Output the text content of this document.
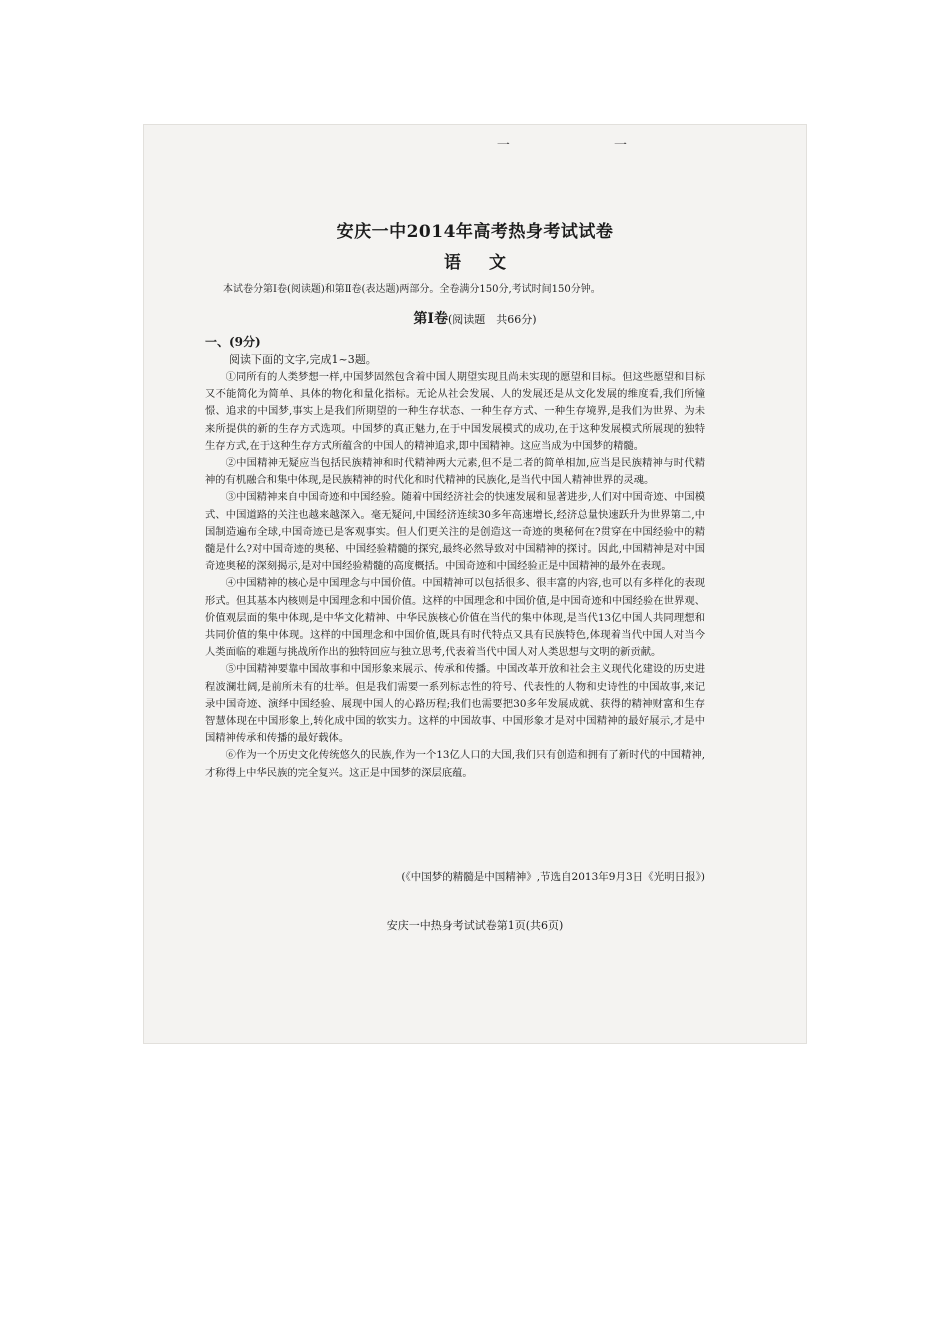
一 一
安庆一中2014年高考热身考试试卷
语文
本试卷分第Ⅰ卷(阅读题)和第Ⅱ卷(表达题)两部分。全卷满分150分,考试时间150分钟。
第Ⅰ卷(阅读题　共66分)
一、(9分)
阅读下面的文字,完成1~3题。

①同所有的人类梦想一样,中国梦固然包含着中国人期望实现且尚未实现的愿望和目标。但这些愿望和目标又不能简化为简单、具体的物化和量化指标。无论从社会发展、人的发展还是从文化发展的维度看,我们所憧憬、追求的中国梦,事实上是我们所期望的一种生存状态、一种生存方式、一种生存境界,是我们为世界、为未来所提供的新的生存方式选项。中国梦的真正魅力,在于中国发展模式的成功,在于这种发展模式所展现的独特生存方式,在于这种生存方式所蕴含的中国人的精神追求,即中国精神。这应当成为中国梦的精髓。

②中国精神无疑应当包括民族精神和时代精神两大元素,但不是二者的简单相加,应当是民族精神与时代精神的有机融合和集中体现,是民族精神的时代化和时代精神的民族化,是当代中国人精神世界的灵魂。

③中国精神来自中国奇迹和中国经验。随着中国经济社会的快速发展和显著进步,人们对中国奇迹、中国模式、中国道路的关注也越来越深入。毫无疑问,中国经济连续30多年高速增长,经济总量快速跃升为世界第二,中国制造遍布全球,中国奇迹已是客观事实。但人们更关注的是创造这一奇迹的奥秘何在?贯穿在中国经验中的精髓是什么?对中国奇迹的奥秘、中国经验精髓的探究,最终必然导致对中国精神的探讨。因此,中国精神是对中国奇迹奥秘的深刻揭示,是对中国经验精髓的高度概括。中国奇迹和中国经验正是中国精神的最外在表现。

④中国精神的核心是中国理念与中国价值。中国精神可以包括很多、很丰富的内容,也可以有多样化的表现形式。但其基本内核则是中国理念和中国价值。这样的中国理念和中国价值,是中国奇迹和中国经验在世界观、价值观层面的集中体现,是中华文化精神、中华民族核心价值在当代的集中体现,是当代13亿中国人共同理想和共同价值的集中体现。这样的中国理念和中国价值,既具有时代特点又具有民族特色,体现着当代中国人对当今人类面临的难题与挑战所作出的独特回应与独立思考,代表着当代中国人对人类思想与文明的新贡献。

⑤中国精神要靠中国故事和中国形象来展示、传承和传播。中国改革开放和社会主义现代化建设的历史进程波澜壮阔,是前所未有的壮举。但是我们需要一系列标志性的符号、代表性的人物和史诗性的中国故事,来记录中国奇迹、演绎中国经验、展现中国人的心路历程;我们也需要把30多年发展成就、获得的精神财富和生存智慧体现在中国形象上,转化成中国的软实力。这样的中国故事、中国形象才是对中国精神的最好展示,才是中国精神传承和传播的最好载体。

⑥作为一个历史文化传统悠久的民族,作为一个13亿人口的大国,我们只有创造和拥有了新时代的中国精神,才称得上中华民族的完全复兴。这正是中国梦的深层底蕴。

(《中国梦的精髓是中国精神》,节选自2013年9月3日《光明日报》)
安庆一中热身考试试卷第1页(共6页)
